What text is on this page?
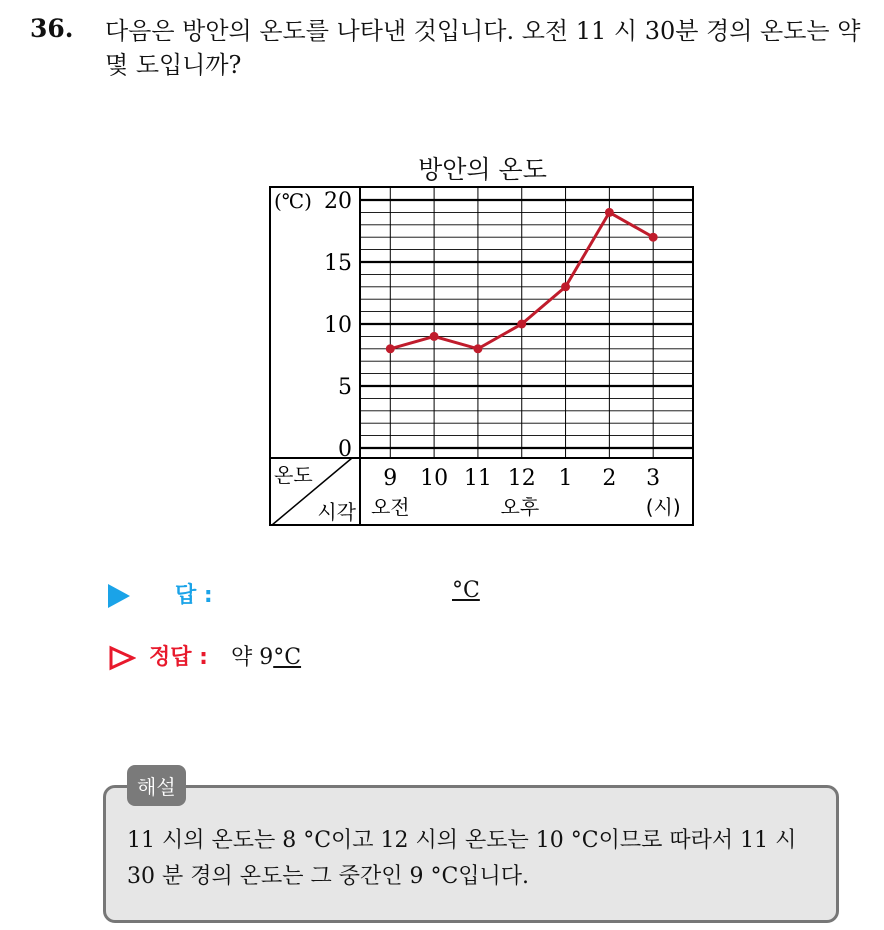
36. 다음은 방안의 온도를 나타낸 것입니다. 오전 11 시 30분 경의 온도는 약 몇 도입니까?
방안의 온도
0
5
10
15
20
(℃)
9 10 11 12 1 2 3
오전	오후	(시)
온도
시각
답 :	°C
정답 : 약 9°C
해설
11 시의 온도는 8 °C이고 12 시의 온도는 10 °C이므로 따라서 11 시 30 분 경의 온도는 그 중간인 9 °C입니다.
